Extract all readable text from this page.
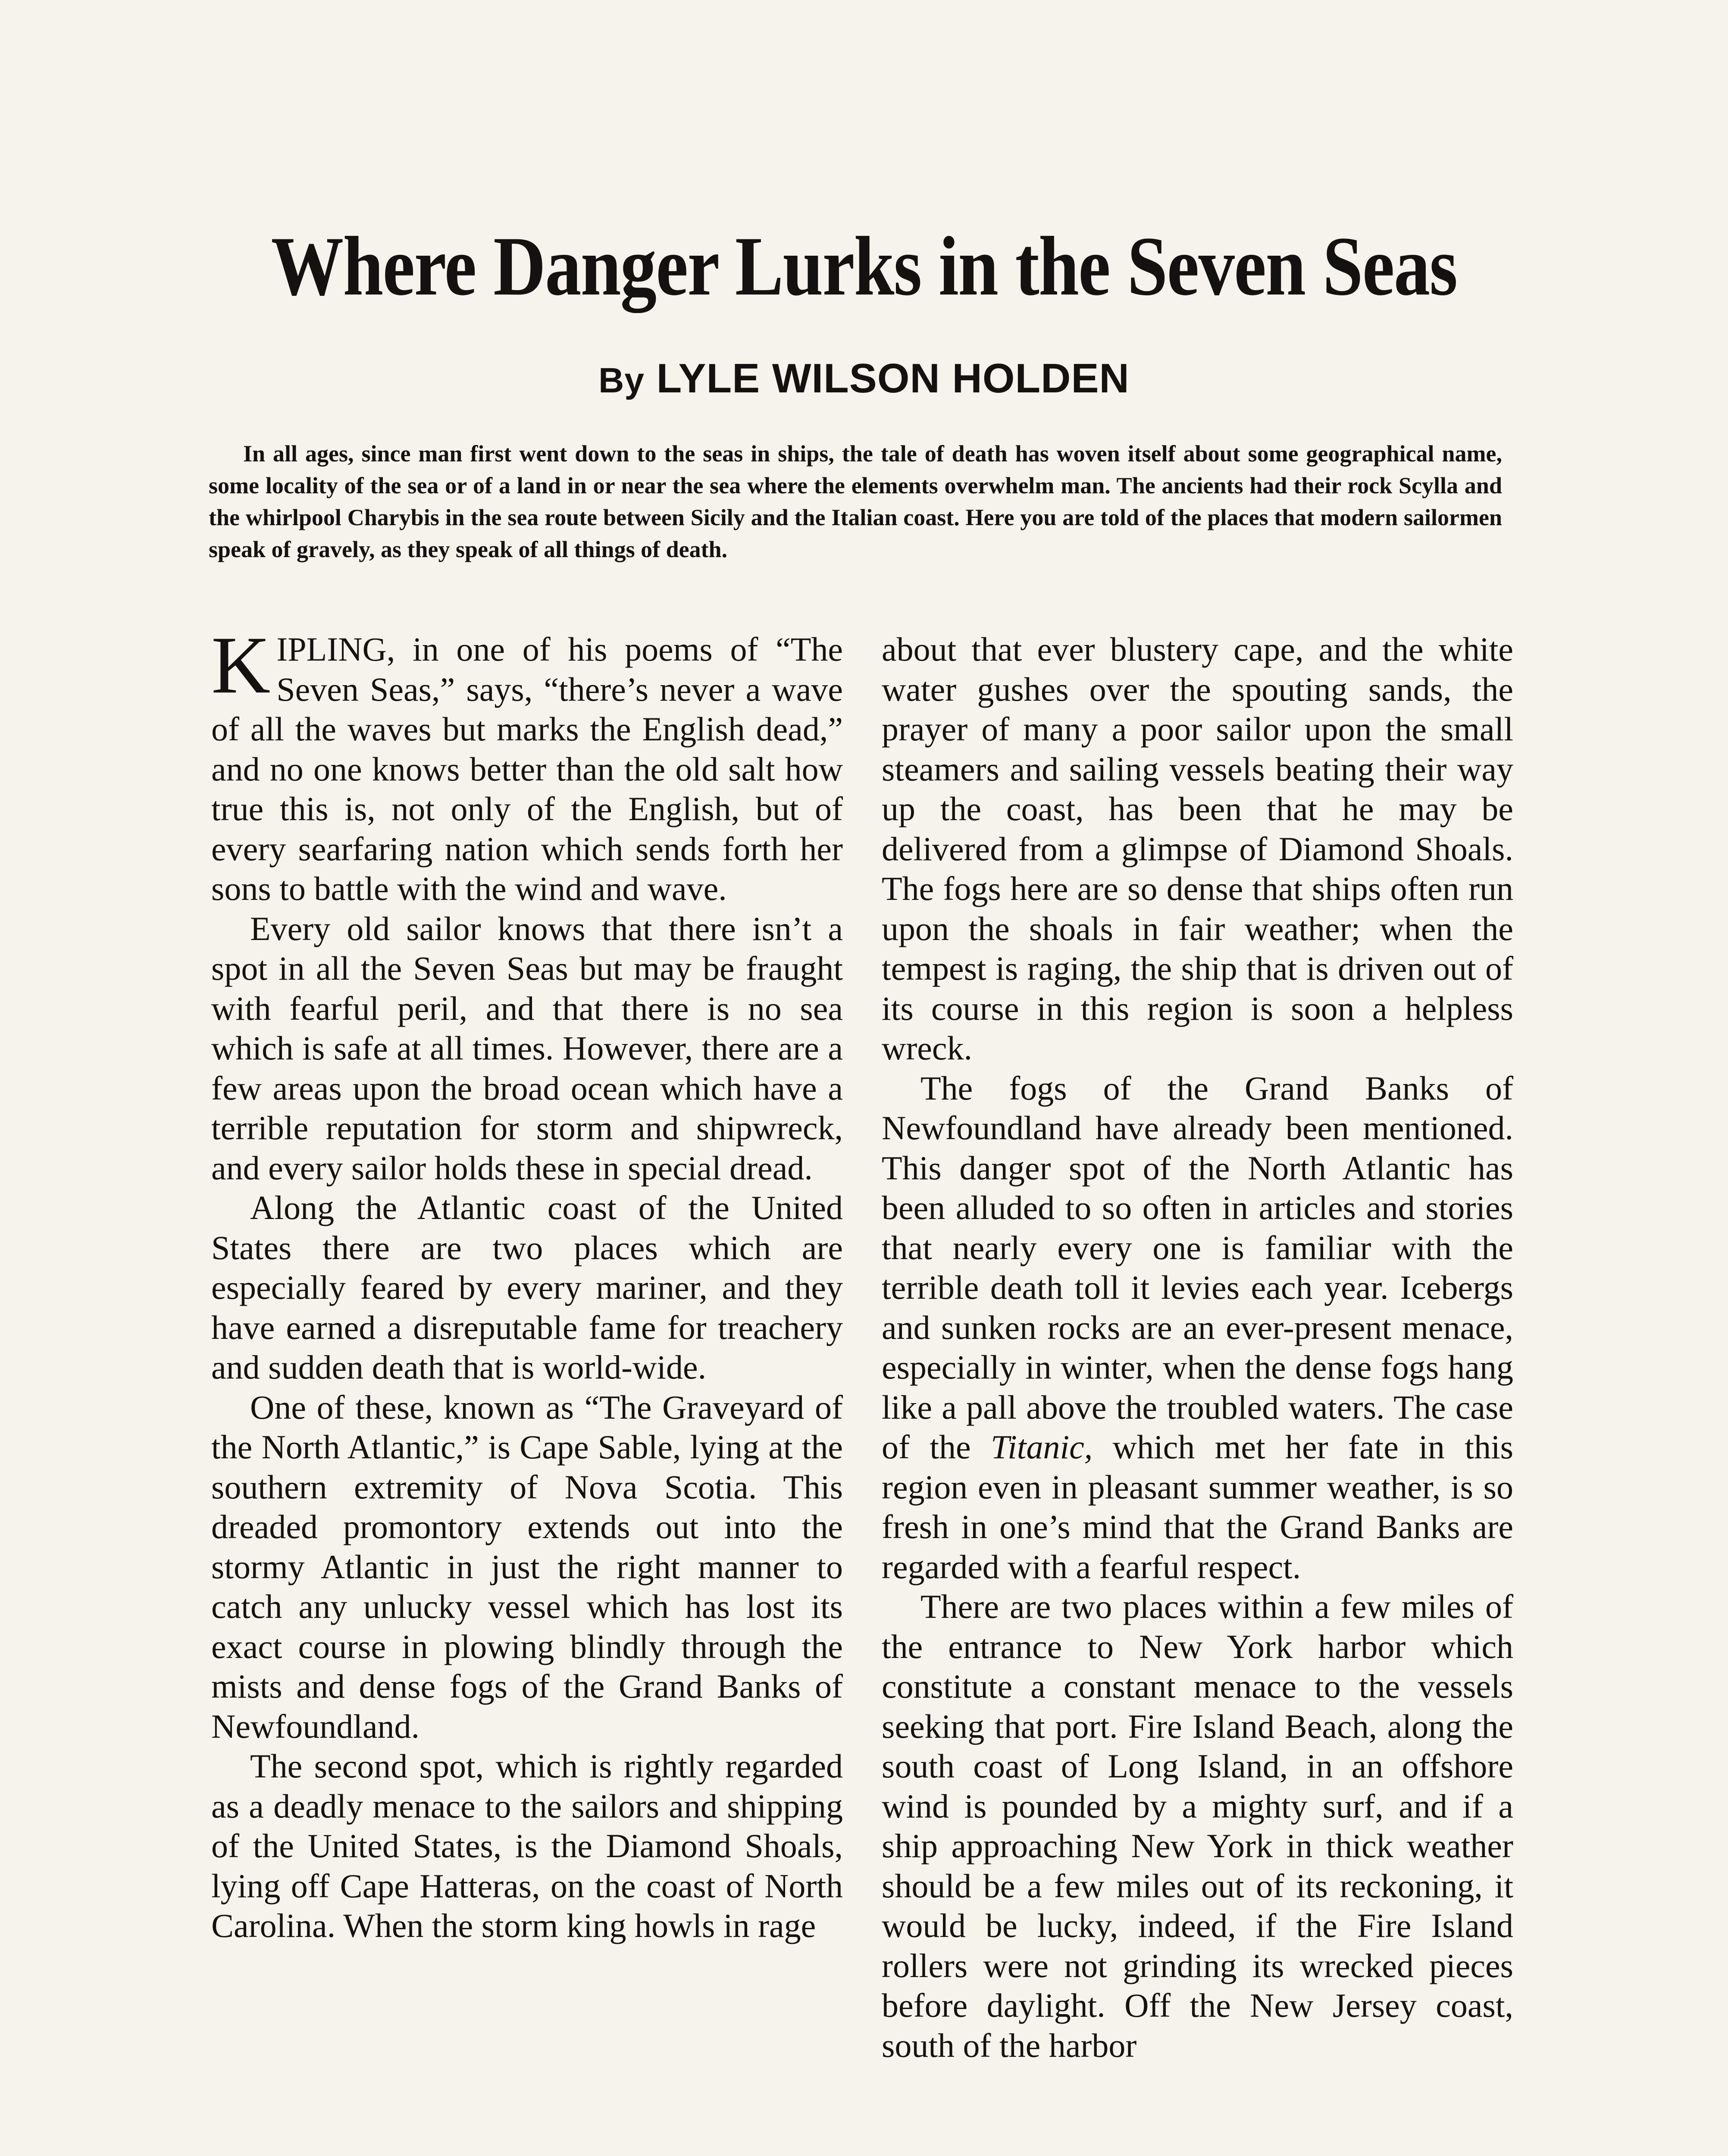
Where Danger Lurks in the Seven Seas
By LYLE WILSON HOLDEN

In all ages, since man first went down to the seas in ships, the tale of death has woven itself about some geographical name, some locality of the sea or of a land in or near the sea where the elements overwhelm man. The ancients had their rock Scylla and the whirlpool Charybis in the sea route between Sicily and the Italian coast. Here you are told of the places that modern sailormen speak of gravely, as they speak of all things of death.

KIPLING, in one of his poems of “The Seven Seas,” says, “there’s never a wave of all the waves but marks the English dead,” and no one knows better than the old salt how true this is, not only of the English, but of every searfaring nation which sends forth her sons to battle with the wind and wave.

Every old sailor knows that there isn’t a spot in all the Seven Seas but may be fraught with fearful peril, and that there is no sea which is safe at all times. However, there are a few areas upon the broad ocean which have a terrible reputation for storm and shipwreck, and every sailor holds these in special dread.

Along the Atlantic coast of the United States there are two places which are especially feared by every mariner, and they have earned a disreputable fame for treachery and sudden death that is world-wide.

One of these, known as “The Graveyard of the North Atlantic,” is Cape Sable, lying at the southern extremity of Nova Scotia. This dreaded promontory extends out into the stormy Atlantic in just the right manner to catch any unlucky vessel which has lost its exact course in plowing blindly through the mists and dense fogs of the Grand Banks of Newfoundland.

The second spot, which is rightly regarded as a deadly menace to the sailors and shipping of the United States, is the Diamond Shoals, lying off Cape Hatteras, on the coast of North Carolina. When the storm king howls in rage

about that ever blustery cape, and the white water gushes over the spouting sands, the prayer of many a poor sailor upon the small steamers and sailing vessels beating their way up the coast, has been that he may be delivered from a glimpse of Diamond Shoals. The fogs here are so dense that ships often run upon the shoals in fair weather; when the tempest is raging, the ship that is driven out of its course in this region is soon a helpless wreck.

The fogs of the Grand Banks of Newfoundland have already been mentioned. This danger spot of the North Atlantic has been alluded to so often in articles and stories that nearly every one is familiar with the terrible death toll it levies each year. Icebergs and sunken rocks are an ever-present menace, especially in winter, when the dense fogs hang like a pall above the troubled waters. The case of the Titanic, which met her fate in this region even in pleasant summer weather, is so fresh in one’s mind that the Grand Banks are regarded with a fearful respect.

There are two places within a few miles of the entrance to New York harbor which constitute a constant menace to the vessels seeking that port. Fire Island Beach, along the south coast of Long Island, in an offshore wind is pounded by a mighty surf, and if a ship approaching New York in thick weather should be a few miles out of its reckoning, it would be lucky, indeed, if the Fire Island rollers were not grinding its wrecked pieces before daylight. Off the New Jersey coast, south of the harbor
